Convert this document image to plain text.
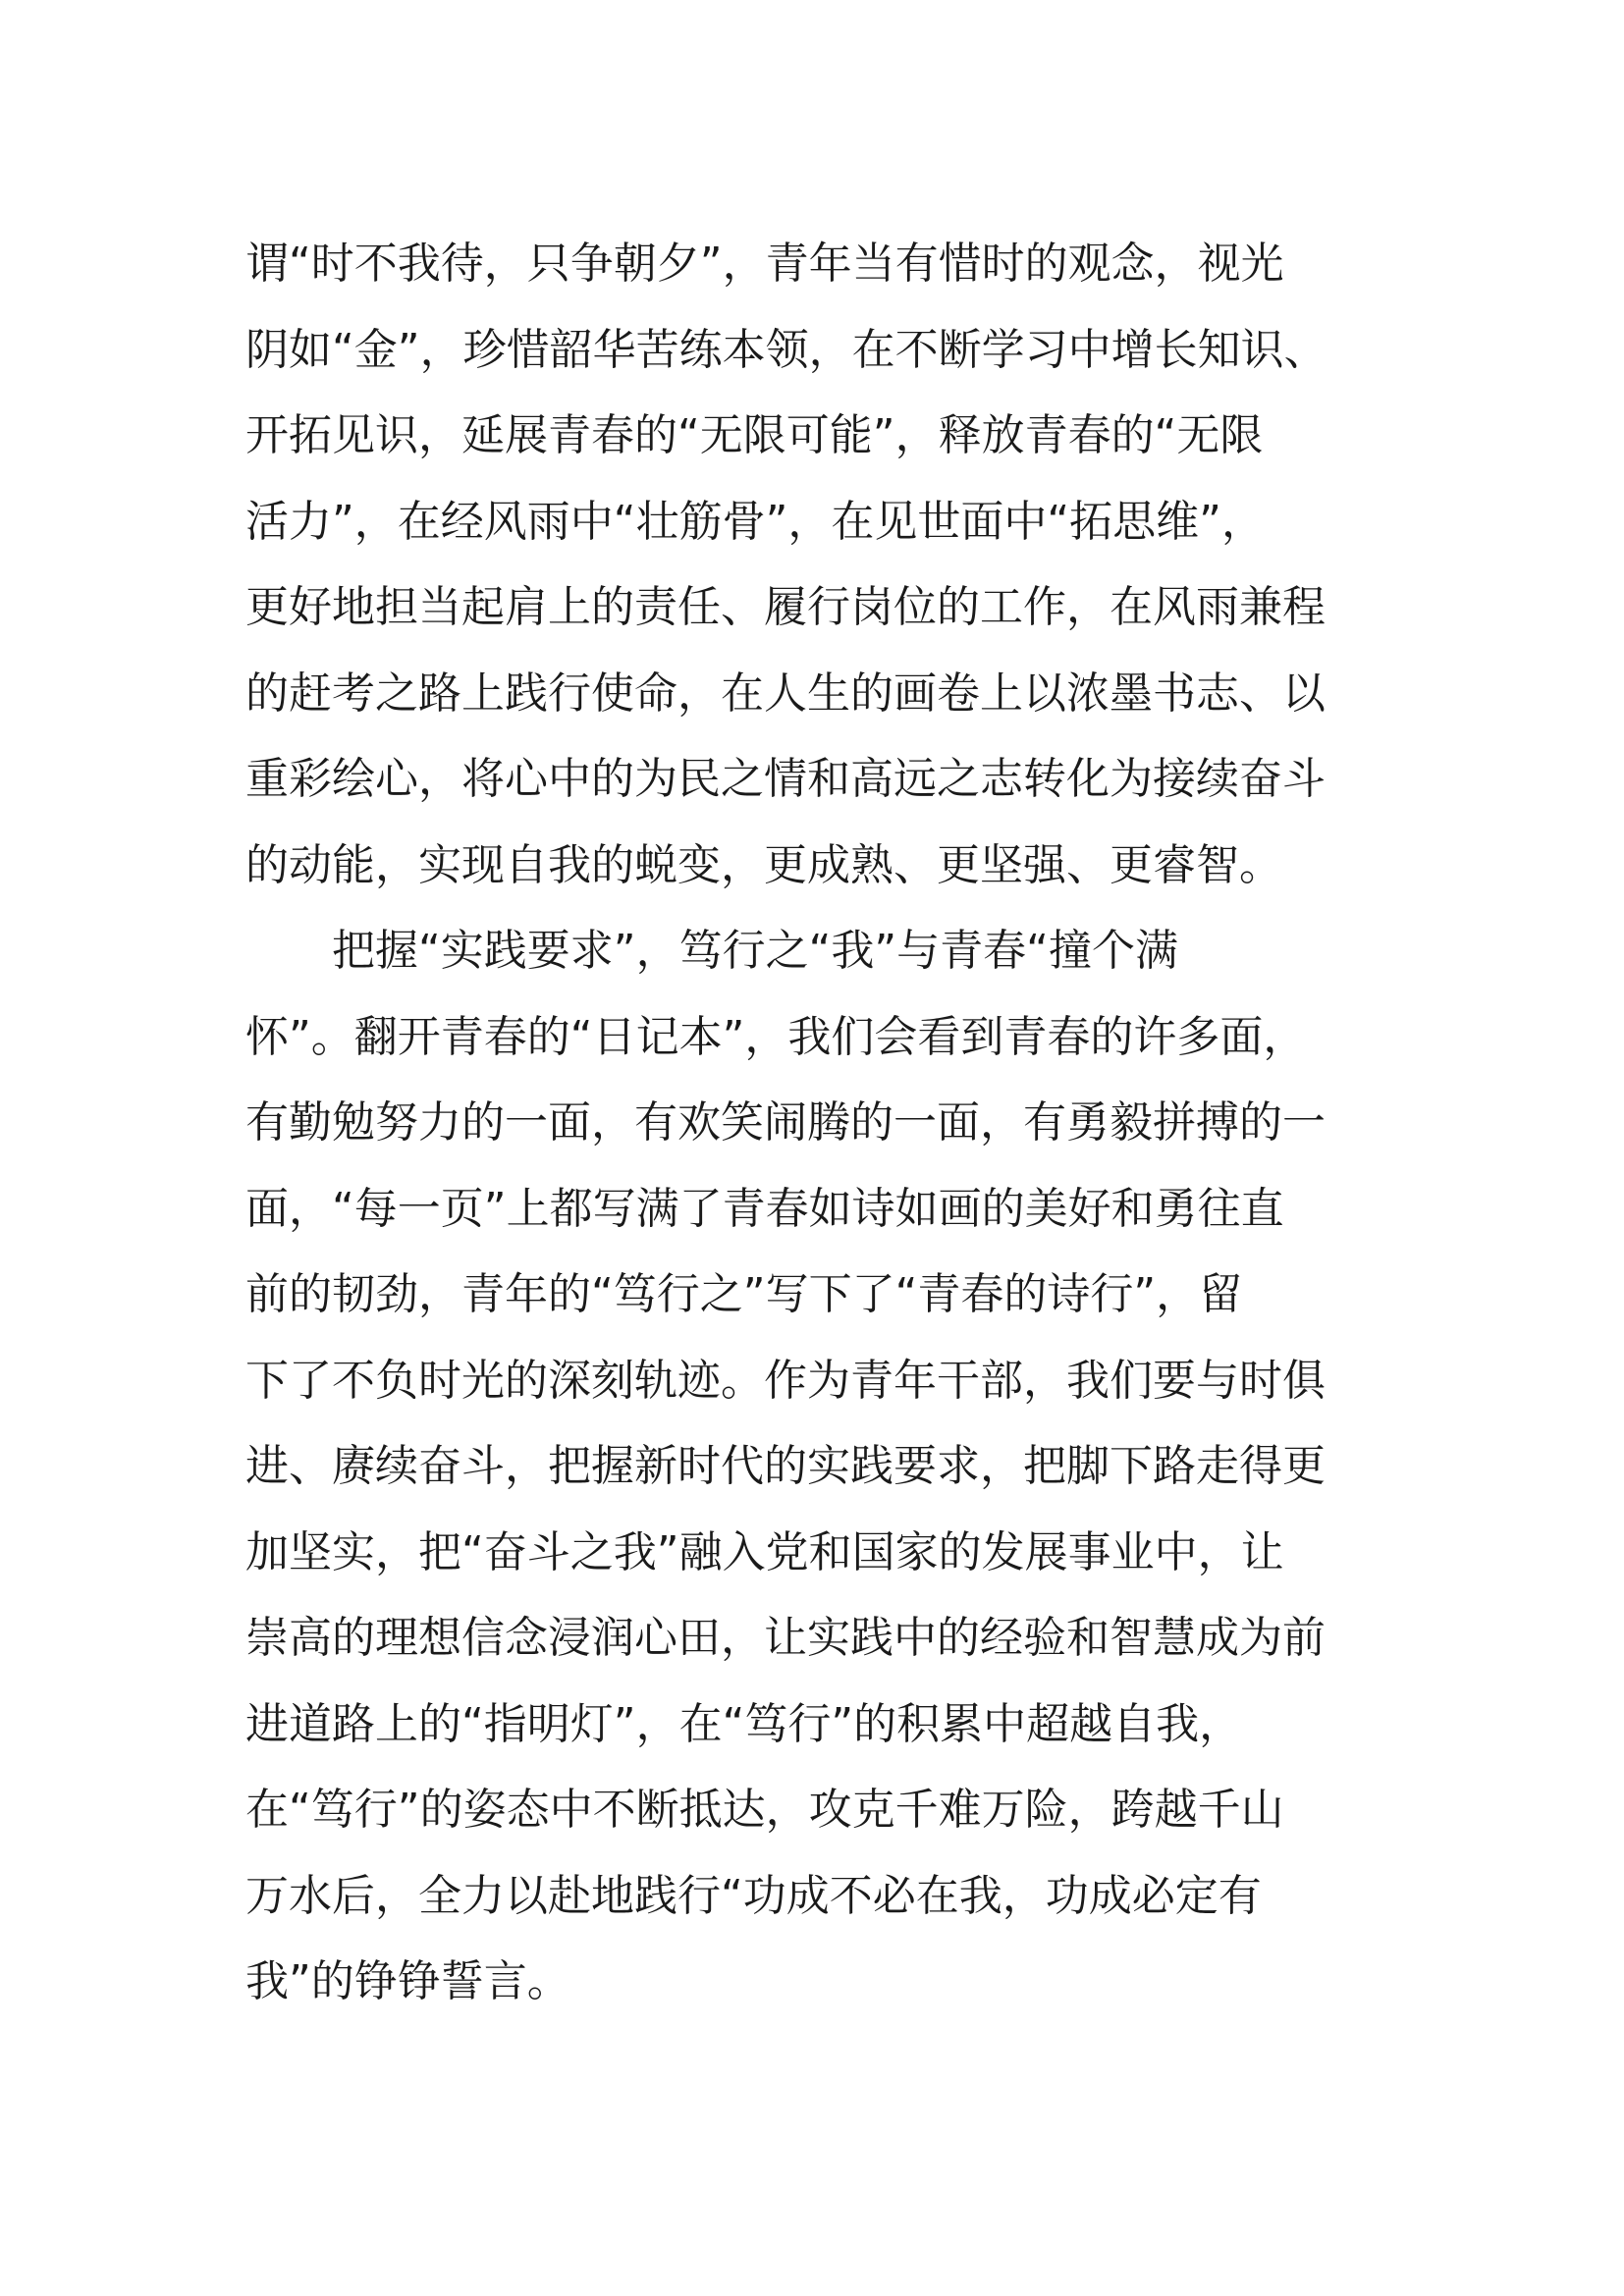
谓“时不我待，只争朝夕”，青年当有惜时的观念，视光
阴如“金”，珍惜韶华苦练本领，在不断学习中增长知识、
开拓见识，延展青春的“无限可能”，释放青春的“无限
活力”，在经风雨中“壮筋骨”，在见世面中“拓思维”，
更好地担当起肩上的责任、履行岗位的工作，在风雨兼程
的赶考之路上践行使命，在人生的画卷上以浓墨书志、以
重彩绘心，将心中的为民之情和高远之志转化为接续奋斗
的动能，实现自我的蜕变，更成熟、更坚强、更睿智。
把握“实践要求”，笃行之“我”与青春“撞个满
怀”。翻开青春的“日记本”，我们会看到青春的许多面，
有勤勉努力的一面，有欢笑闹腾的一面，有勇毅拼搏的一
面，“每一页”上都写满了青春如诗如画的美好和勇往直
前的韧劲，青年的“笃行之”写下了“青春的诗行”，留
下了不负时光的深刻轨迹。作为青年干部，我们要与时俱
进、赓续奋斗，把握新时代的实践要求，把脚下路走得更
加坚实，把“奋斗之我”融入党和国家的发展事业中，让
崇高的理想信念浸润心田，让实践中的经验和智慧成为前
进道路上的“指明灯”，在“笃行”的积累中超越自我，
在“笃行”的姿态中不断抵达，攻克千难万险，跨越千山
万水后，全力以赴地践行“功成不必在我，功成必定有
我”的铮铮誓言。
